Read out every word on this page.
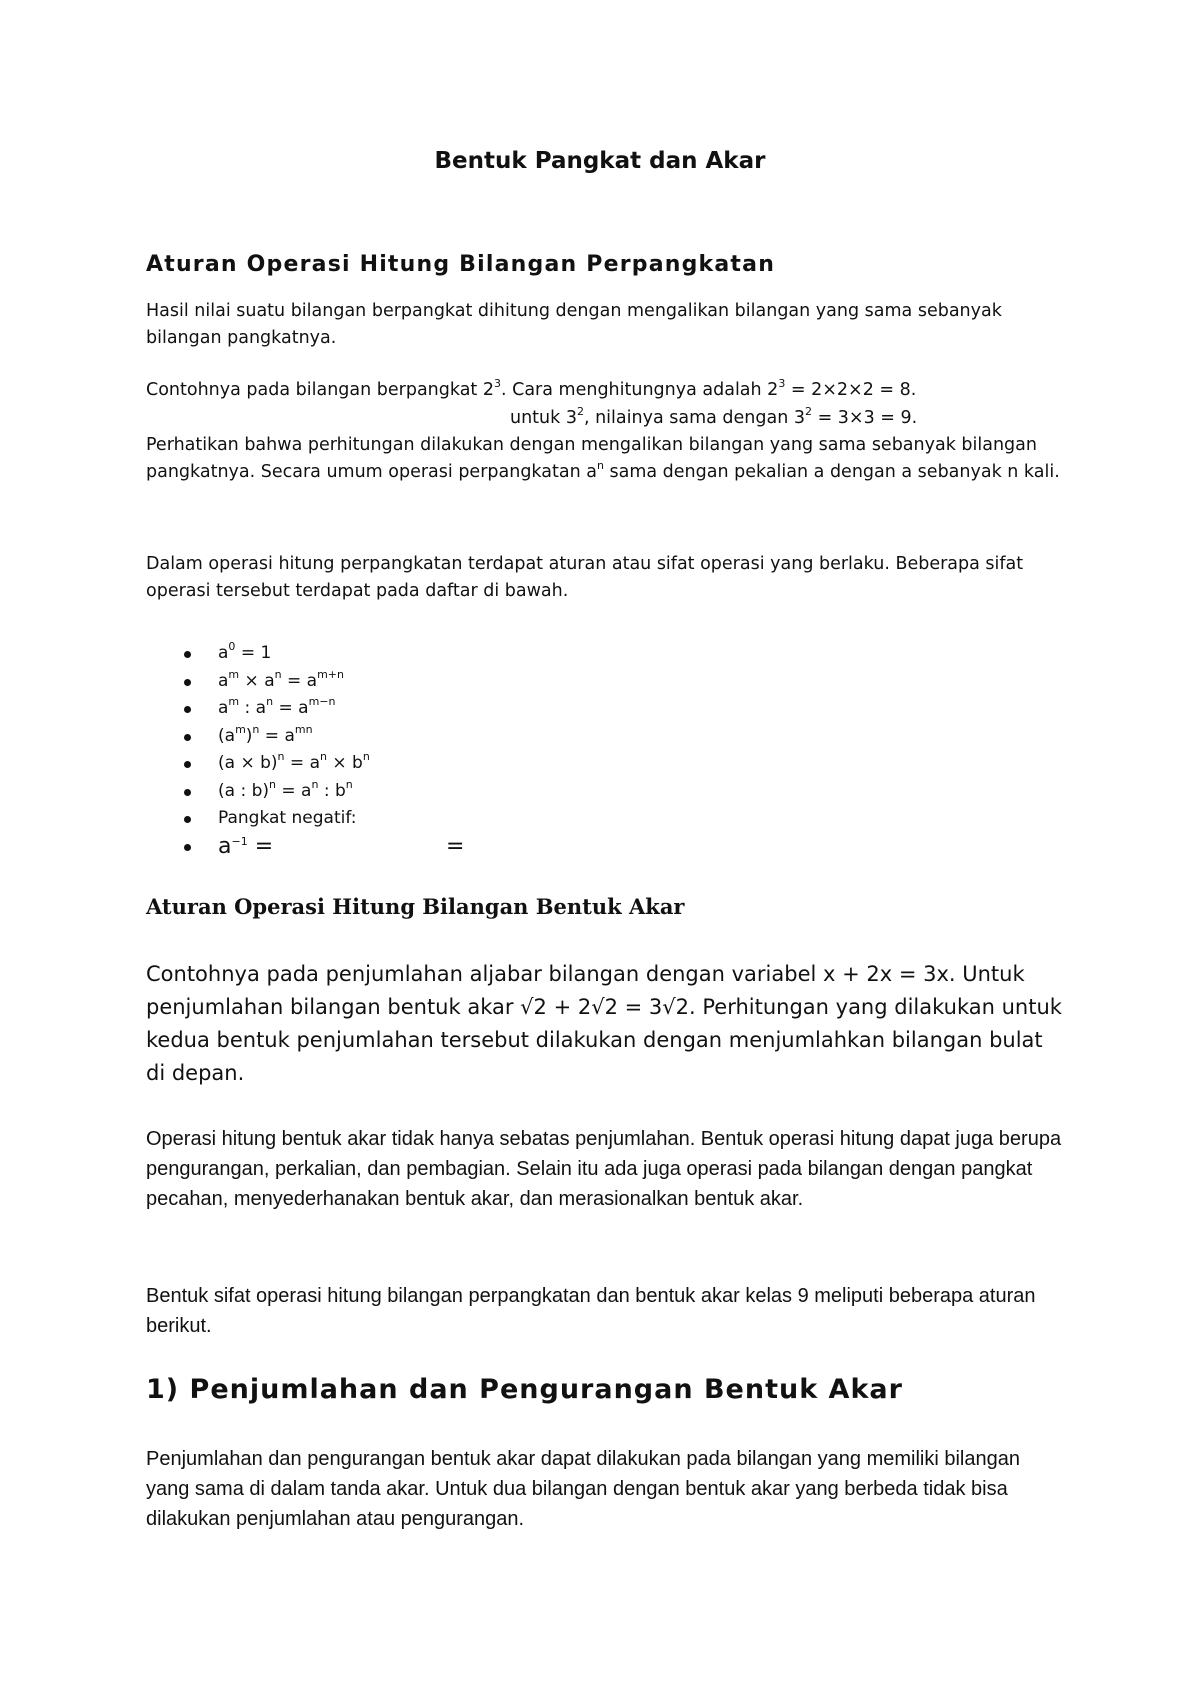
Bentuk Pangkat dan Akar
Aturan Operasi Hitung Bilangan Perpangkatan

Hasil nilai suatu bilangan berpangkat dihitung dengan mengalikan bilangan yang sama sebanyak bilangan pangkatnya.

Contohnya pada bilangan berpangkat $2^3$. Cara menghitungnya adalah $2^3 = 2\times 2\times 2 = 8$.

untuk $3^2$, nilainya sama dengan $3^2 = 3\times 3 = 9$.

Perhatikan bahwa perhitungan dilakukan dengan mengalikan bilangan yang sama sebanyak bilangan pangkatnya. Secara umum operasi perpangkatan $a^n$ sama dengan pekalian a dengan a sebanyak n kali.

Dalam operasi hitung perpangkatan terdapat aturan atau sifat operasi yang berlaku. Beberapa sifat operasi tersebut terdapat pada daftar di bawah.

$a^0 = 1$
$a^m \times a^n = a^{m+n}$
$a^m$ : $a^n = a^{m-n}$
$(a^m)^n = a^{mn}$
$(a \times b)^n = a^n \times b^n$
(a : $b)^n = a^n$ : $b^n$
Pangkat negatif:
$a^{-1}$ =	=
Aturan Operasi Hitung Bilangan Bentuk Akar

Contohnya pada penjumlahan aljabar bilangan dengan variabel x + 2x = 3x. Untuk penjumlahan bilangan bentuk akar √2 + 2√2 = 3√2. Perhitungan yang dilakukan untuk kedua bentuk penjumlahan tersebut dilakukan dengan menjumlahkan bilangan bulat di depan.

Operasi hitung bentuk akar tidak hanya sebatas penjumlahan. Bentuk operasi hitung dapat juga berupa pengurangan, perkalian, dan pembagian. Selain itu ada juga operasi pada bilangan dengan pangkat pecahan, menyederhanakan bentuk akar, dan merasionalkan bentuk akar.

Bentuk sifat operasi hitung bilangan perpangkatan dan bentuk akar kelas 9 meliputi beberapa aturan berikut.

1) Penjumlahan dan Pengurangan Bentuk Akar

Penjumlahan dan pengurangan bentuk akar dapat dilakukan pada bilangan yang memiliki bilangan yang sama di dalam tanda akar. Untuk dua bilangan dengan bentuk akar yang berbeda tidak bisa dilakukan penjumlahan atau pengurangan.
